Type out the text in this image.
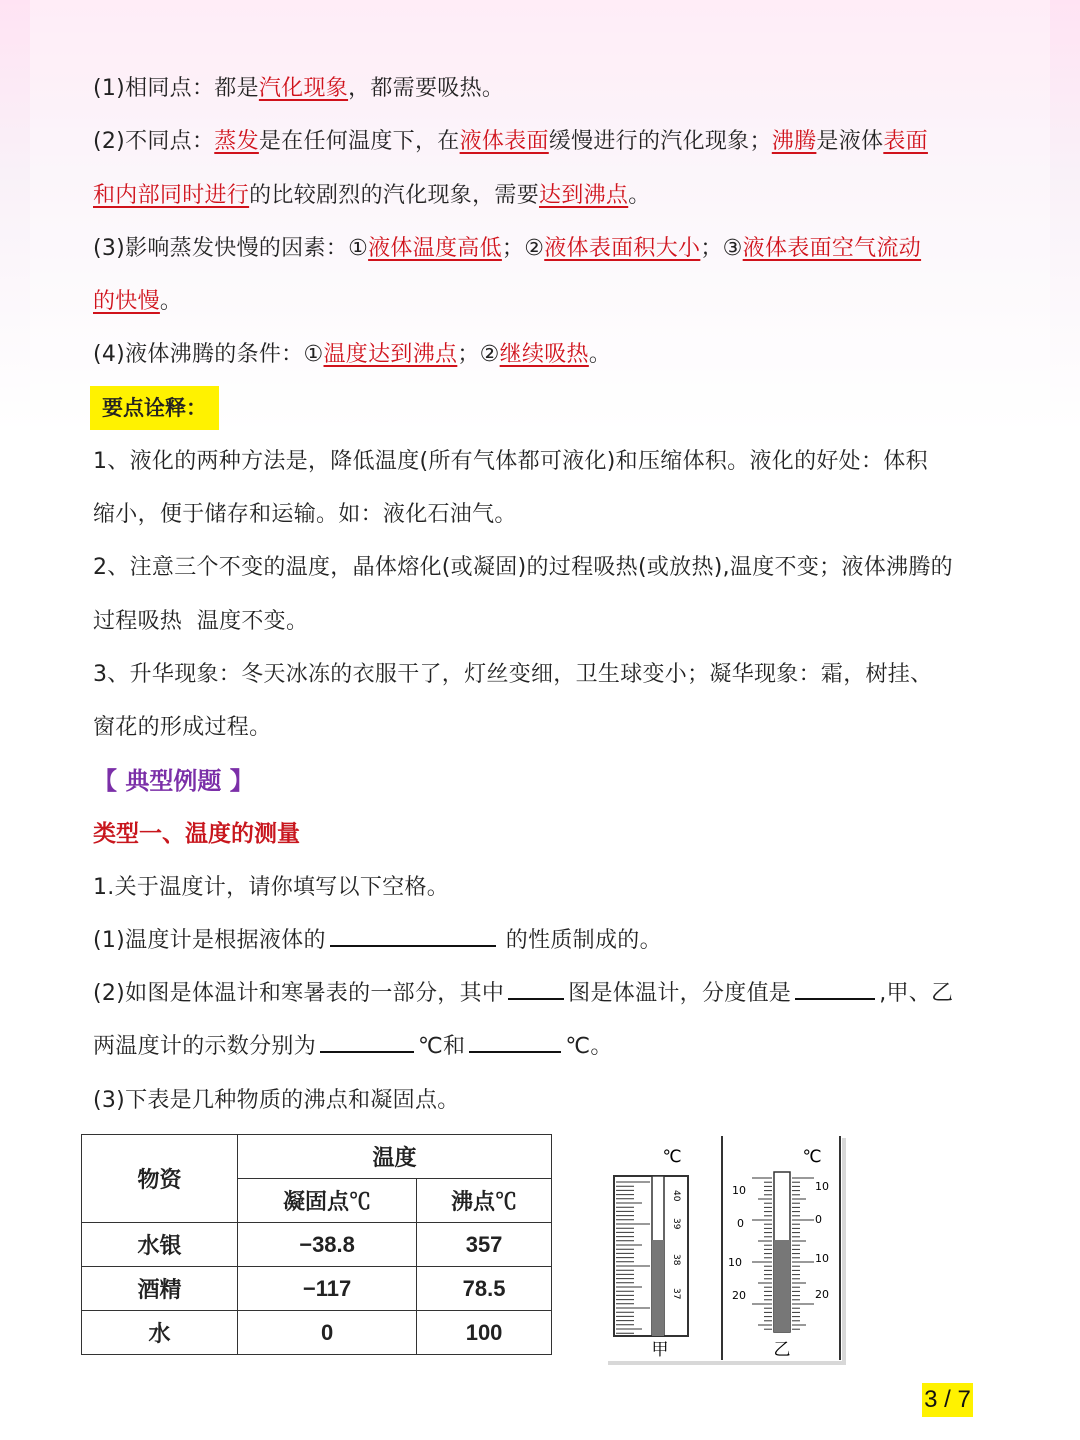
(1)相同点：都是汽化现象，都需要吸热。
(2)不同点：蒸发是在任何温度下，在液体表面缓慢进行的汽化现象；沸腾是液体表面
和内部同时进行的比较剧烈的汽化现象，需要达到沸点。
(3)影响蒸发快慢的因素：①液体温度高低；②液体表面积大小；③液体表面空气流动
的快慢。
(4)液体沸腾的条件：①温度达到沸点；②继续吸热。
要点诠释：
1、液化的两种方法是，降低温度(所有气体都可液化)和压缩体积。液化的好处：体积
缩小，便于储存和运输。如：液化石油气。
2、注意三个不变的温度，晶体熔化(或凝固)的过程吸热(或放热),温度不变；液体沸腾的
过程吸热  温度不变。
3、升华现象：冬天冰冻的衣服干了，灯丝变细，卫生球变小；凝华现象：霜，树挂、
窗花的形成过程。
【 典型例题 】
类型一、温度的测量
1.关于温度计，请你填写以下空格。
(1)温度计是根据液体的	的性质制成的。
(2)如图是体温计和寒暑表的一部分，其中	图是体温计，分度值是	,甲、乙
两温度计的示数分别为	℃和	℃。
(3)下表是几种物质的沸点和凝固点。
物资	温度	
	凝固点℃	沸点℃
水银	−38.8	357
酒精	−117	78.5
水	0	100
℃
40
39
38
37
甲
℃
10
0
10
20
10
0
10
20
乙
3 / 7
